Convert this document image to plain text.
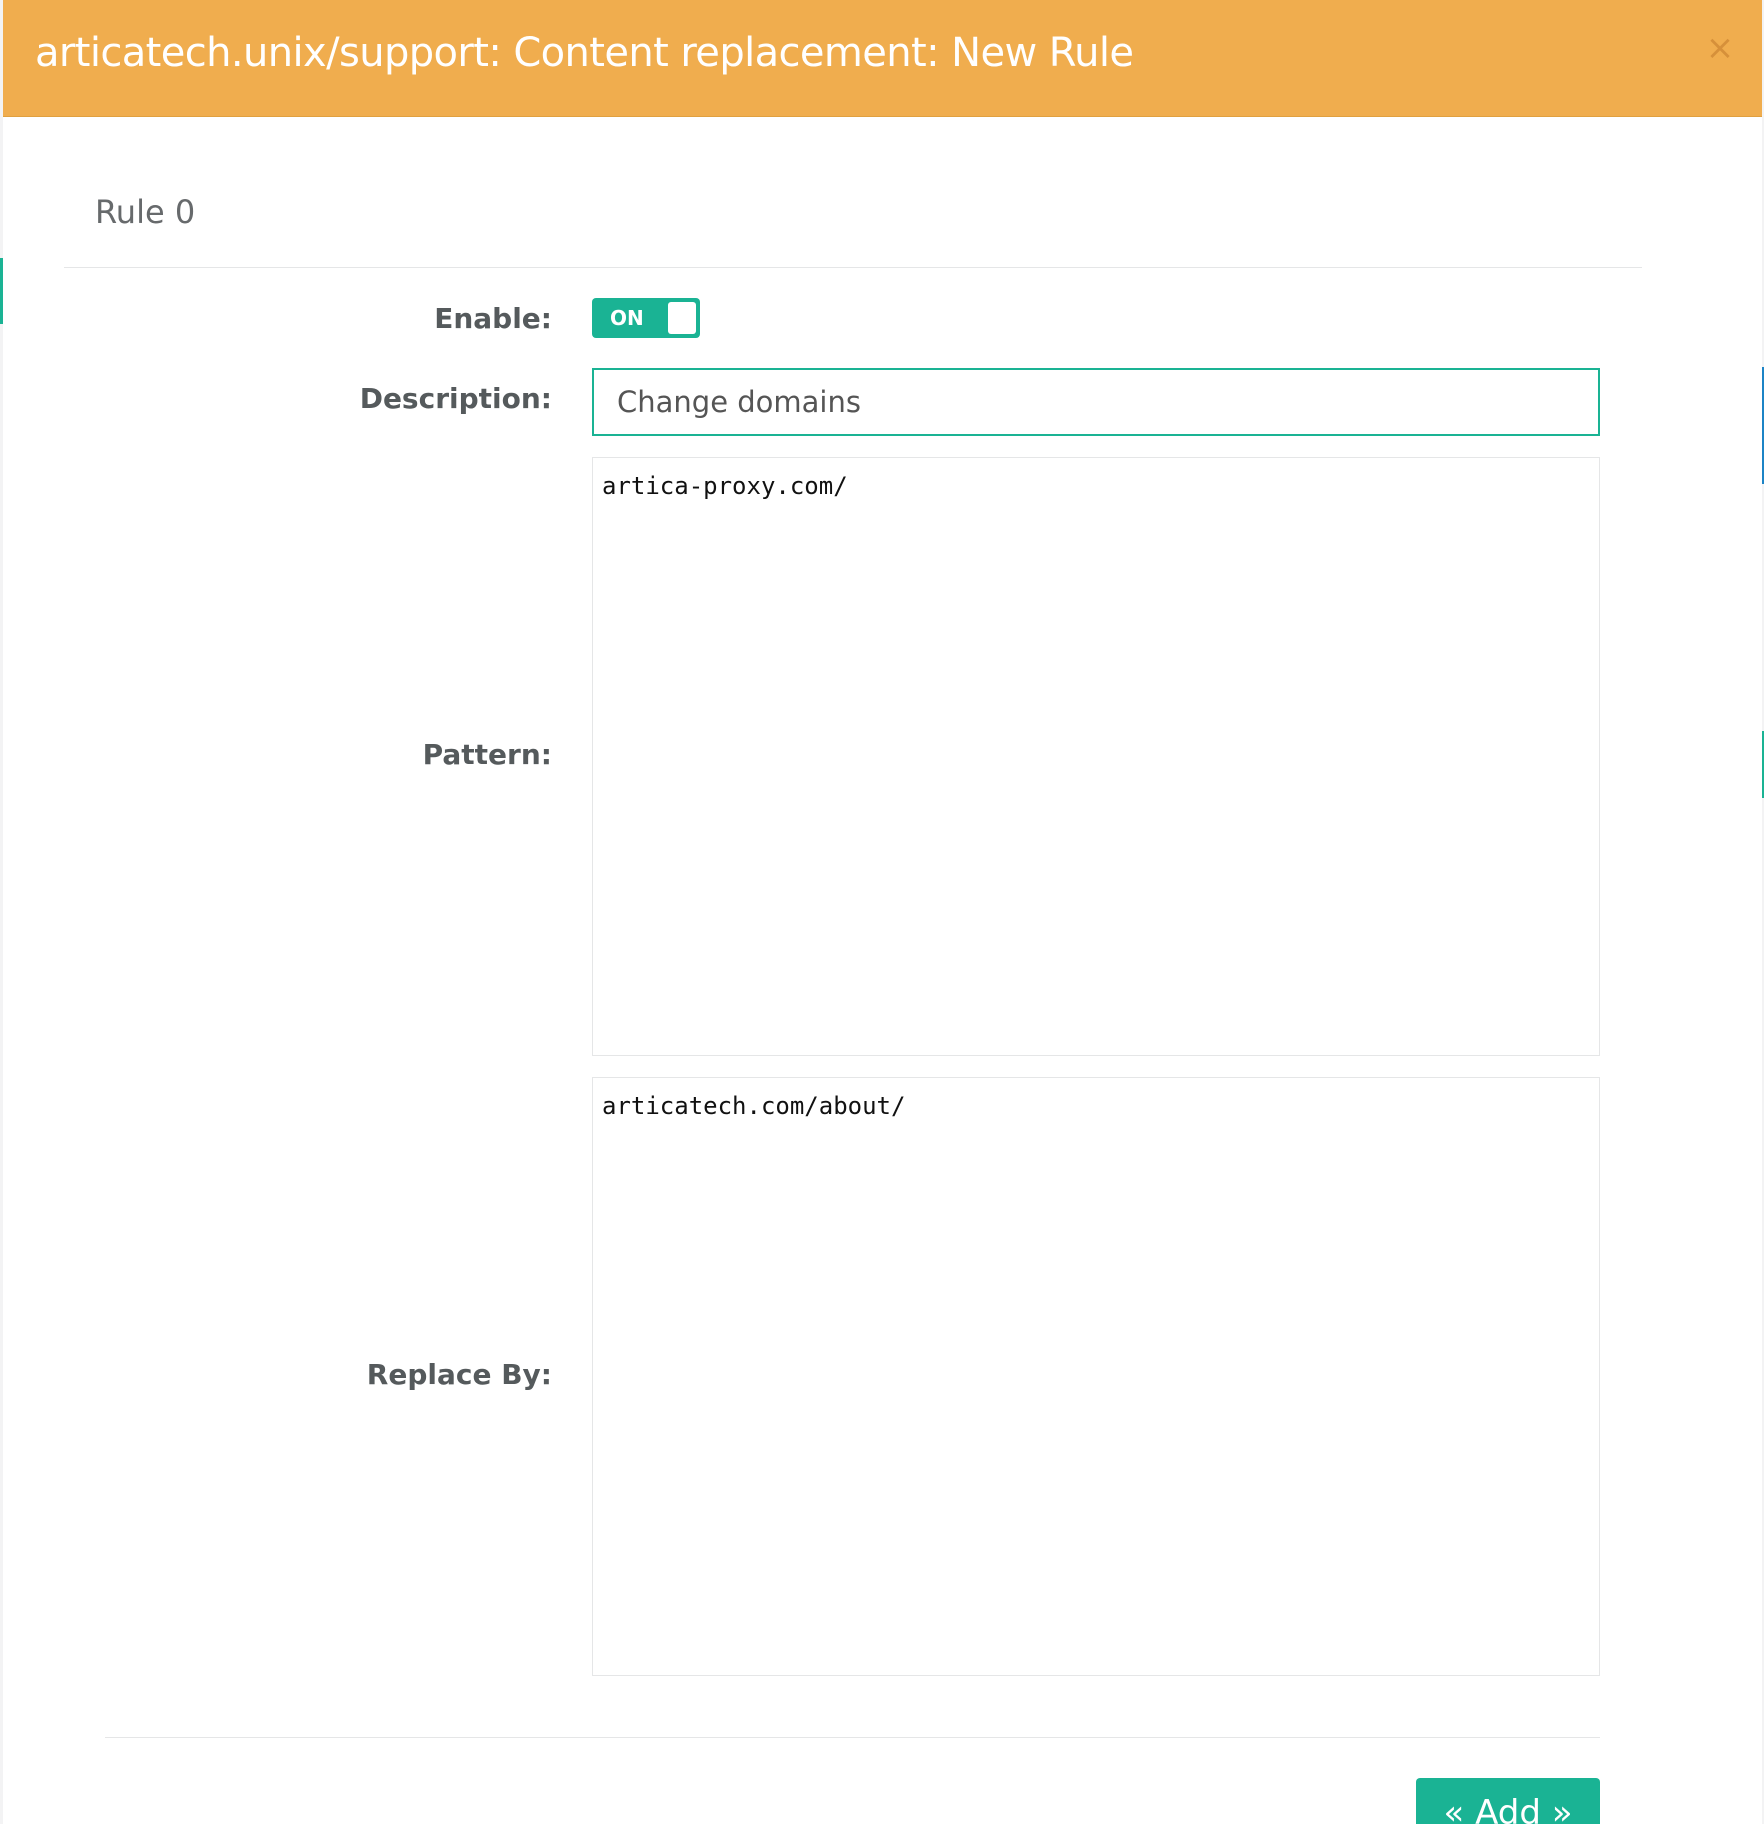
articatech.unix/support: Content replacement: New Rule	×
Rule 0
Enable:	ON
Description:
Change domains
Pattern:
artica-proxy.com/
Replace By:
articatech.com/about/
« Add »
